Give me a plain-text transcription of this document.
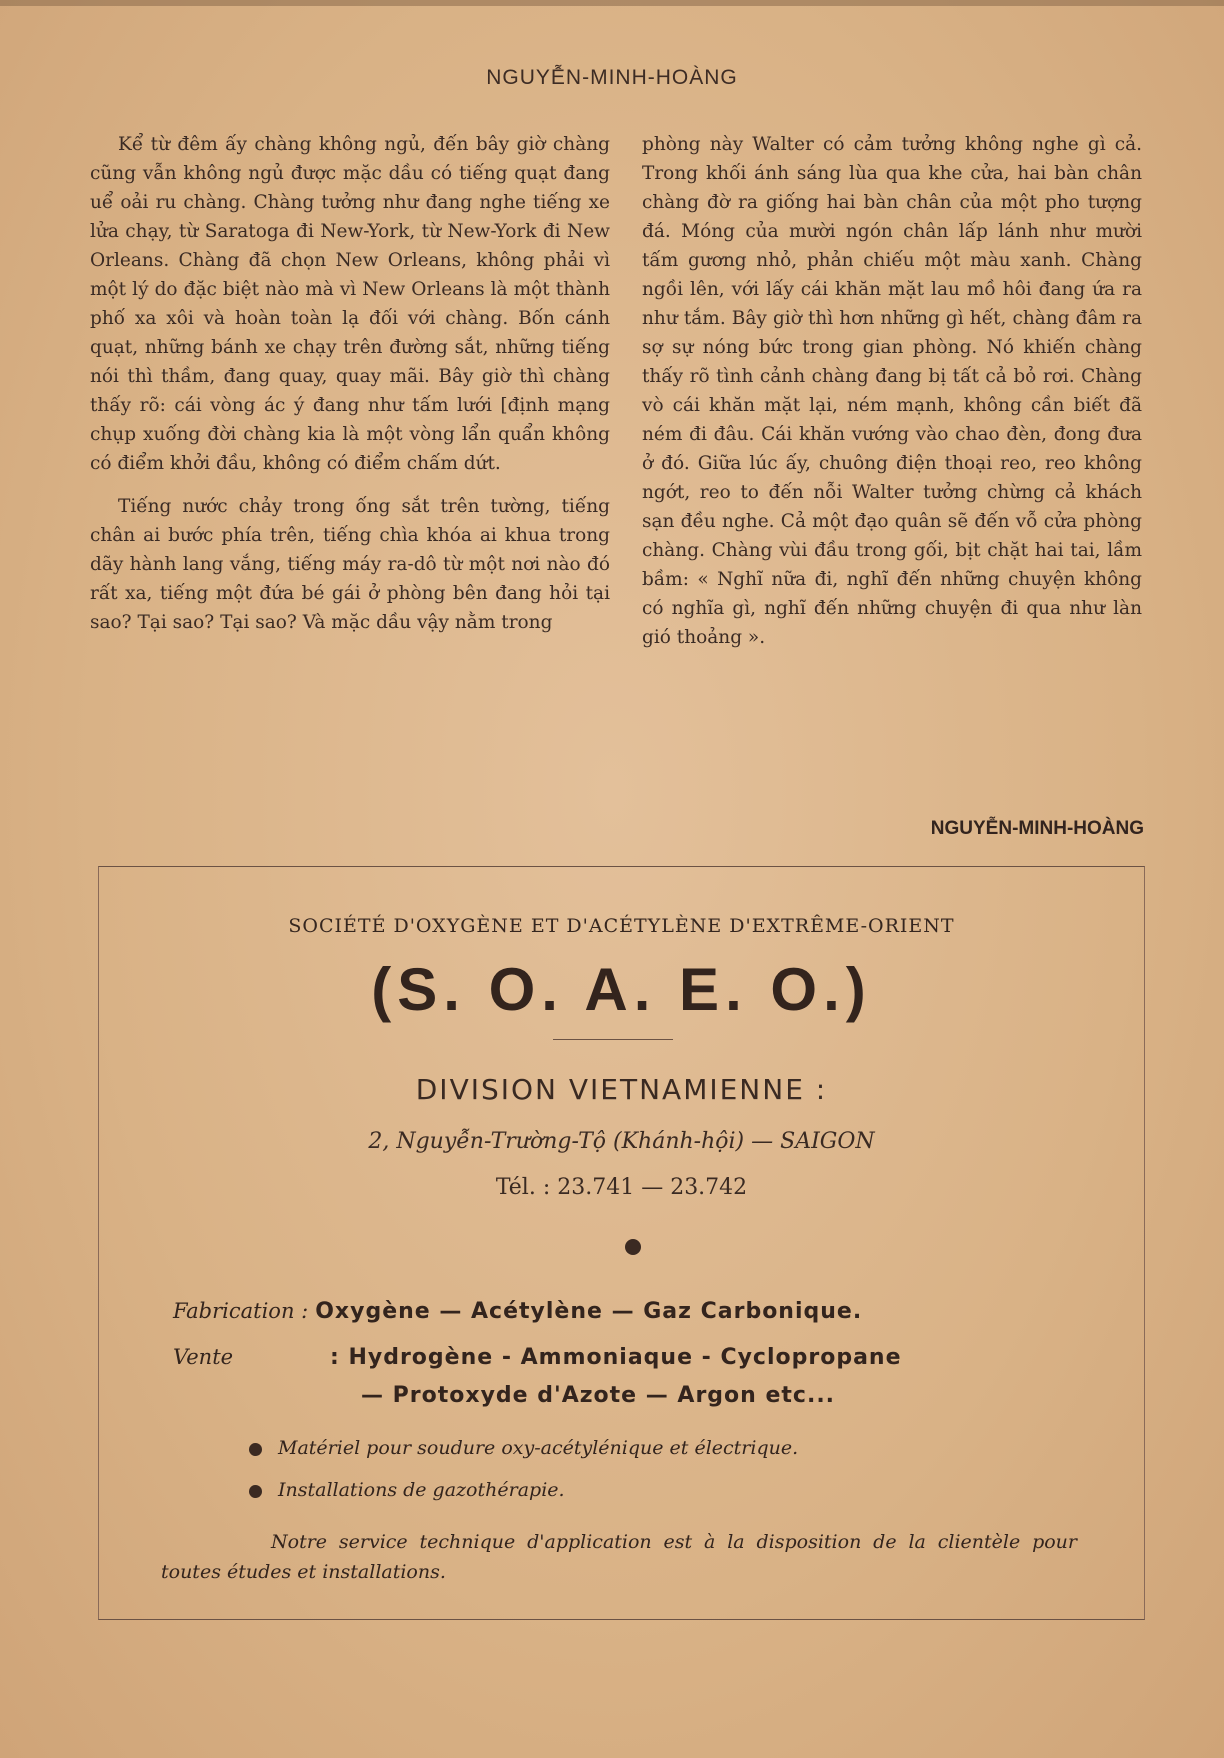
NGUYỄN-MINH-HOÀNG

Kể từ đêm ấy chàng không ngủ, đến bây giờ chàng cũng vẫn không ngủ được mặc dầu có tiếng quạt đang uể oải ru chàng. Chàng tưởng như đang nghe tiếng xe lửa chạy, từ Saratoga đi New-York, từ New-York đi New Orleans. Chàng đã chọn New Orleans, không phải vì một lý do đặc biệt nào mà vì New Orleans là một thành phố xa xôi và hoàn toàn lạ đối với chàng. Bốn cánh quạt, những bánh xe chạy trên đường sắt, những tiếng nói thì thầm, đang quay, quay mãi. Bây giờ thì chàng thấy rõ: cái vòng ác ý đang như tấm lưới [định mạng chụp xuống đời chàng kia là một vòng lẩn quẩn không có điểm khởi đầu, không có điểm chấm dứt.

Tiếng nước chảy trong ống sắt trên tường, tiếng chân ai bước phía trên, tiếng chìa khóa ai khua trong dãy hành lang vắng, tiếng máy ra-dô từ một nơi nào đó rất xa, tiếng một đứa bé gái ở phòng bên đang hỏi tại sao? Tại sao? Tại sao? Và mặc dầu vậy nằm trong

phòng này Walter có cảm tưởng không nghe gì cả. Trong khối ánh sáng lùa qua khe cửa, hai bàn chân chàng đờ ra giống hai bàn chân của một pho tượng đá. Móng của mười ngón chân lấp lánh như mười tấm gương nhỏ, phản chiếu một màu xanh. Chàng ngồi lên, với lấy cái khăn mặt lau mồ hôi đang ứa ra như tắm. Bây giờ thì hơn những gì hết, chàng đâm ra sợ sự nóng bức trong gian phòng. Nó khiến chàng thấy rõ tình cảnh chàng đang bị tất cả bỏ rơi. Chàng vò cái khăn mặt lại, ném mạnh, không cần biết đã ném đi đâu. Cái khăn vướng vào chao đèn, đong đưa ở đó. Giữa lúc ấy, chuông điện thoại reo, reo không ngớt, reo to đến nỗi Walter tưởng chừng cả khách sạn đều nghe. Cả một đạo quân sẽ đến vỗ cửa phòng chàng. Chàng vùi đầu trong gối, bịt chặt hai tai, lầm bầm: « Nghĩ nữa đi, nghĩ đến những chuyện không có nghĩa gì, nghĩ đến những chuyện đi qua như làn gió thoảng ».

NGUYỄN-MINH-HOÀNG
SOCIÉTÉ D'OXYGÈNE ET D'ACÉTYLÈNE D'EXTRÊME-ORIENT
(S. O. A. E. O.)
DIVISION VIETNAMIENNE :
2, Nguyễn-Trường-Tộ (Khánh-hội) — SAIGON
Tél. : 23.741 — 23.742
Fabrication : Oxygène — Acétylène — Gaz Carbonique.
Vente	: Hydrogène - Ammoniaque - Cyclopropane
— Protoxyde d'Azote — Argon etc...
Matériel pour soudure oxy-acétylénique et électrique.
Installations de gazothérapie.
Notre service technique d'application est à la disposition de la clientèle pour toutes études et installations.
